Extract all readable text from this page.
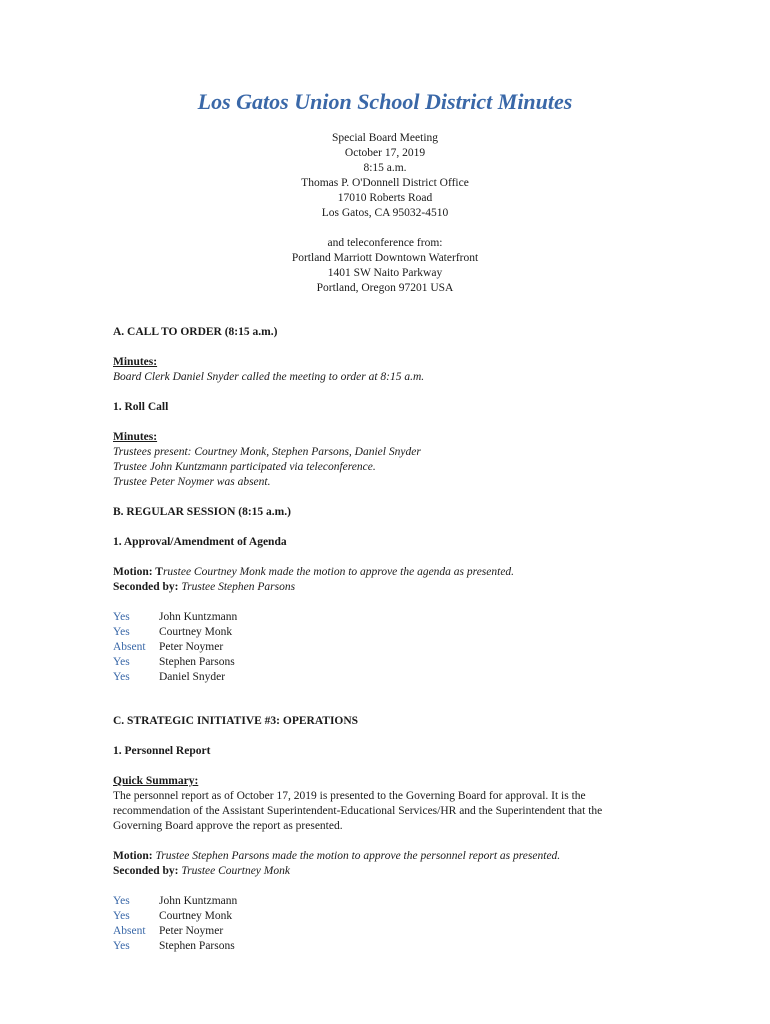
Los Gatos Union School District Minutes
Special Board Meeting
October 17, 2019
8:15 a.m.
Thomas P. O'Donnell District Office
17010 Roberts Road
Los Gatos, CA 95032-4510
and teleconference from:
Portland Marriott Downtown Waterfront
1401 SW Naito Parkway
Portland, Oregon 97201 USA
A. CALL TO ORDER (8:15 a.m.)
Minutes:
Board Clerk Daniel Snyder called the meeting to order at 8:15 a.m.
1. Roll Call
Minutes:
Trustees present: Courtney Monk, Stephen Parsons, Daniel Snyder
Trustee John Kuntzmann participated via teleconference.
Trustee Peter Noymer was absent.
B. REGULAR SESSION (8:15 a.m.)
1. Approval/Amendment of Agenda
Motion: Trustee Courtney Monk made the motion to approve the agenda as presented.
Seconded by: Trustee Stephen Parsons
Yes	John Kuntzmann
Yes	Courtney Monk
Absent	Peter Noymer
Yes	Stephen Parsons
Yes	Daniel Snyder
C. STRATEGIC INITIATIVE #3: OPERATIONS
1. Personnel Report
Quick Summary:
The personnel report as of October 17, 2019 is presented to the Governing Board for approval. It is the
recommendation of the Assistant Superintendent-Educational Services/HR and the Superintendent that the
Governing Board approve the report as presented.
Motion: Trustee Stephen Parsons made the motion to approve the personnel report as presented.
Seconded by: Trustee Courtney Monk
Yes	John Kuntzmann
Yes	Courtney Monk
Absent	Peter Noymer
Yes	Stephen Parsons
